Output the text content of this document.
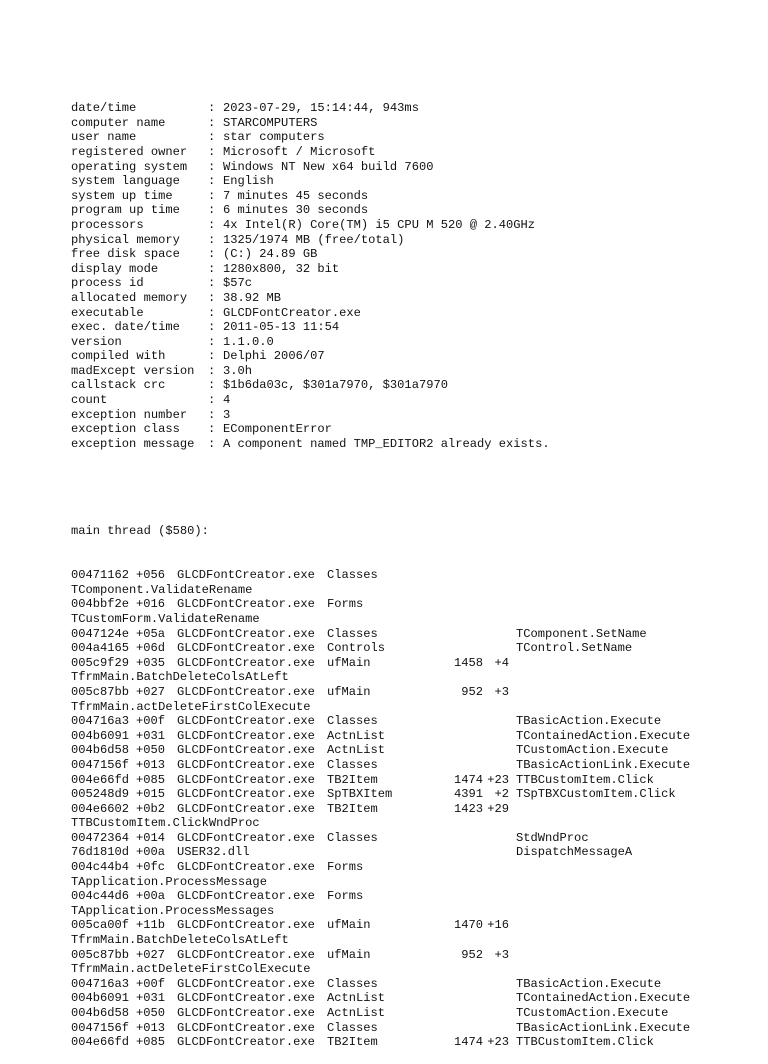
date/time	: 2023-07-29, 15:14:44, 943ms
computer name	: STARCOMPUTERS
user name	: star computers
registered owner : Microsoft / Microsoft
operating system : Windows NT New x64 build 7600
system language : English
system up time	: 7 minutes 45 seconds
program up time : 6 minutes 30 seconds
processors	: 4x Intel(R) Core(TM) i5 CPU M 520 @ 2.40GHz
physical memory : 1325/1974 MB (free/total)
free disk space : (C:) 24.89 GB
display mode	: 1280x800, 32 bit
process id	: $57c
allocated memory : 38.92 MB
executable	: GLCDFontCreator.exe
exec. date/time : 2011-05-13 11:54
version	: 1.1.0.0
compiled with	: Delphi 2006/07
madExcept version : 3.0h
callstack crc	: $1b6da03c, $301a7970, $301a7970
count	: 4
exception number : 3
exception class : EComponentError
exception message : A component named TMP_EDITOR2 already exists.

main thread ($580):

00471162 +056 GLCDFontCreator.exe Classes
TComponent.ValidateRename
004bbf2e +016 GLCDFontCreator.exe Forms
TCustomForm.ValidateRename
0047124e +05a GLCDFontCreator.exe Classes	TComponent.SetName
004a4165 +06d GLCDFontCreator.exe Controls	TControl.SetName
005c9f29 +035 GLCDFontCreator.exe ufMain	1458 +4
TfrmMain.BatchDeleteColsAtLeft
005c87bb +027 GLCDFontCreator.exe ufMain	952 +3
TfrmMain.actDeleteFirstColExecute
004716a3 +00f GLCDFontCreator.exe Classes	TBasicAction.Execute
004b6091 +031 GLCDFontCreator.exe ActnList	TContainedAction.Execute
004b6d58 +050 GLCDFontCreator.exe ActnList	TCustomAction.Execute
0047156f +013 GLCDFontCreator.exe Classes	TBasicActionLink.Execute
004e66fd +085 GLCDFontCreator.exe TB2Item	1474 +23 TTBCustomItem.Click
005248d9 +015 GLCDFontCreator.exe SpTBXItem	4391 +2 TSpTBXCustomItem.Click
004e6602 +0b2 GLCDFontCreator.exe TB2Item	1423 +29
TTBCustomItem.ClickWndProc
00472364 +014 GLCDFontCreator.exe Classes	StdWndProc
76d1810d +00a USER32.dll	DispatchMessageA
004c44b4 +0fc GLCDFontCreator.exe Forms
TApplication.ProcessMessage
004c44d6 +00a GLCDFontCreator.exe Forms
TApplication.ProcessMessages
005ca00f +11b GLCDFontCreator.exe ufMain	1470 +16
TfrmMain.BatchDeleteColsAtLeft
005c87bb +027 GLCDFontCreator.exe ufMain	952 +3
TfrmMain.actDeleteFirstColExecute
004716a3 +00f GLCDFontCreator.exe Classes	TBasicAction.Execute
004b6091 +031 GLCDFontCreator.exe ActnList	TContainedAction.Execute
004b6d58 +050 GLCDFontCreator.exe ActnList	TCustomAction.Execute
0047156f +013 GLCDFontCreator.exe Classes	TBasicActionLink.Execute
004e66fd +085 GLCDFontCreator.exe TB2Item	1474 +23 TTBCustomItem.Click
